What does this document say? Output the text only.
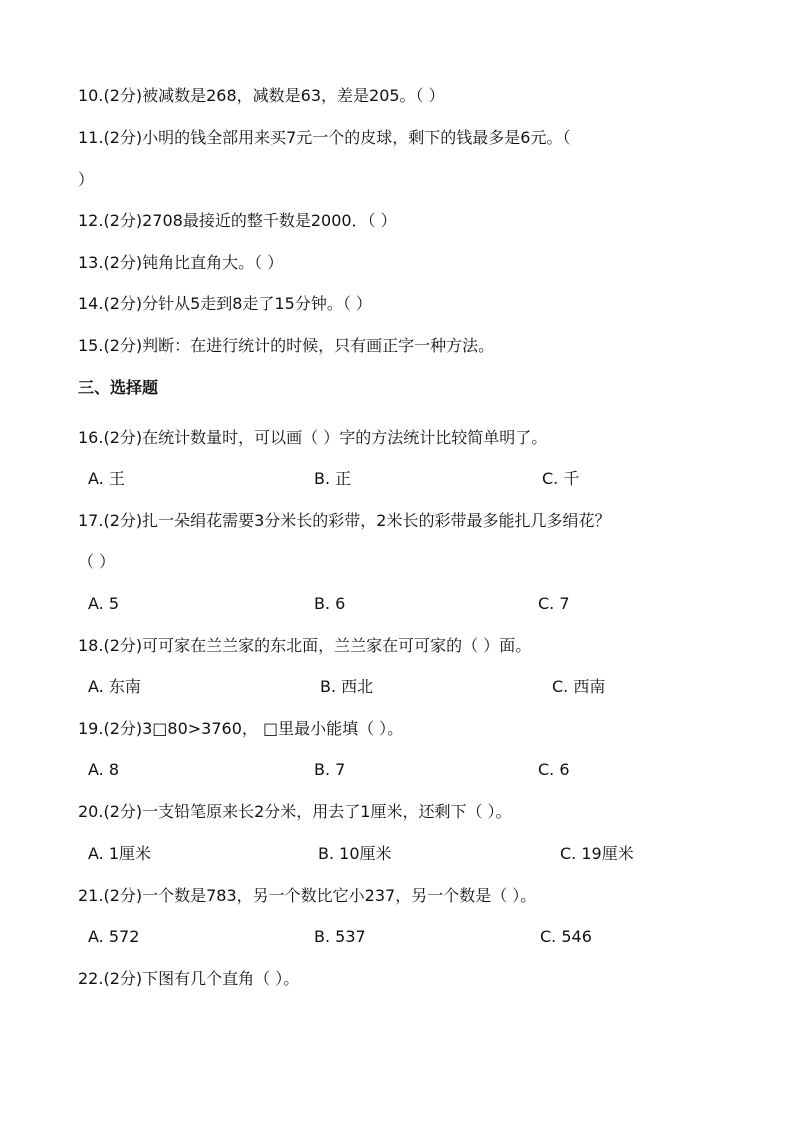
10.(2分)被减数是268，减数是63，差是205。（ ）
11.(2分)小明的钱全部用来买7元一个的皮球，剩下的钱最多是6元。（
）
12.(2分)2708最接近的整千数是2000．（ ）
13.(2分)钝角比直角大。（ ）
14.(2分)分针从5走到8走了15分钟。（ ）
15.(2分)判断：在进行统计的时候，只有画正字一种方法。
三、选择题
16.(2分)在统计数量时，可以画（ ）字的方法统计比较简单明了。
A. 王	B. 正	C. 千
17.(2分)扎一朵绢花需要3分米长的彩带，2米长的彩带最多能扎几多绢花？
（ ）
A. 5	B. 6	C. 7
18.(2分)可可家在兰兰家的东北面，兰兰家在可可家的（ ）面。
A. 东南	B. 西北	C. 西南
19.(2分)3□80>3760， □里最小能填（ ）。
A. 8	B. 7	C. 6
20.(2分)一支铅笔原来长2分米，用去了1厘米，还剩下（ ）。
A. 1厘米	B. 10厘米	C. 19厘米
21.(2分)一个数是783，另一个数比它小237，另一个数是（ ）。
A. 572	B. 537	C. 546
22.(2分)下图有几个直角（ ）。
